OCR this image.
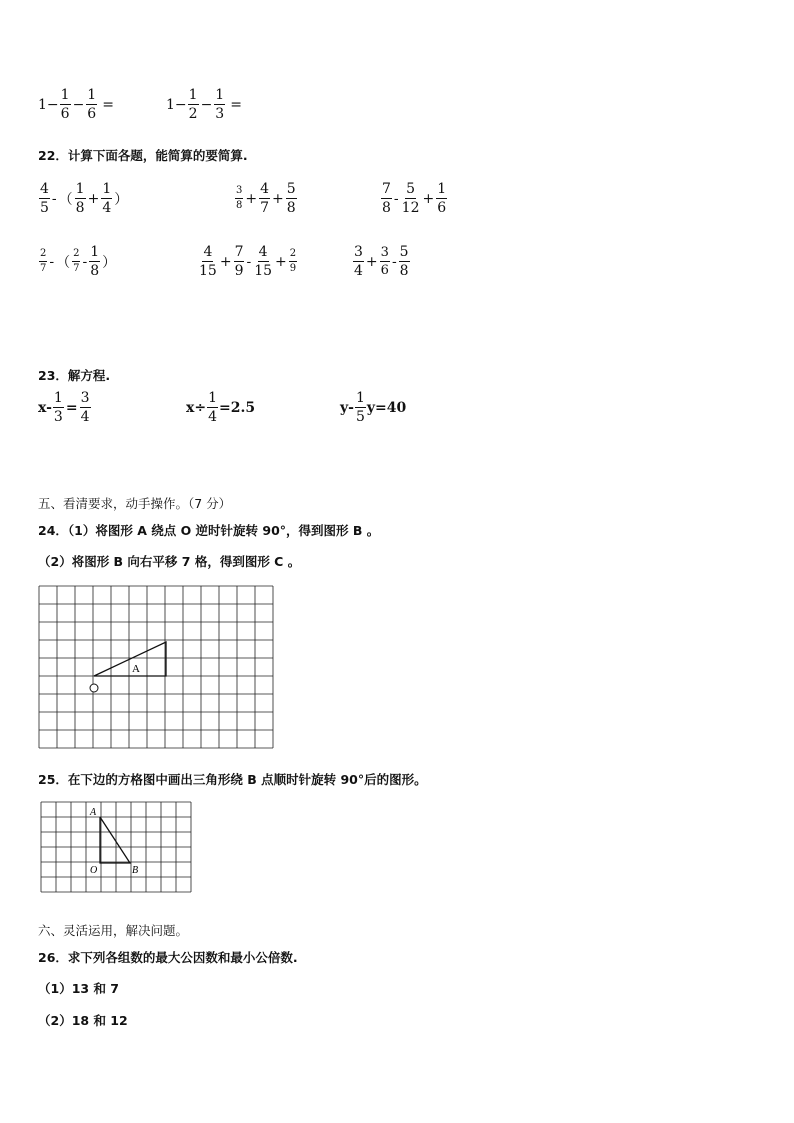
$1- \frac{1}{6} - \frac{1}{6}$ =	$1- \frac{1}{2} - \frac{1}{3}$ =
22．计算下面各题，能简算的要简算.
$\frac{4}{5}$ - （ $\frac{1}{8} + \frac{1}{4}$ ）	$\frac{3}{8} + \frac{4}{7} + \frac{5}{8}$	$\frac{7}{8} - \frac{5}{12} + \frac{1}{6}$
$\frac{2}{7}$ - （ $\frac{2}{7} - \frac{1}{8}$ ）	$\frac{4}{15} + \frac{7}{9} - \frac{4}{15} + \frac{2}{9}$	$\frac{3}{4} + \frac{3}{6} - \frac{5}{8}$
23．解方程.
$x- \frac{1}{3} = \frac{3}{4}$	$x\div \frac{1}{4} =2.5$	$y- \frac{1}{5} y=40$
五、看清要求，动手操作。（7 分）
24．（1）将图形 A 绕点 O 逆时针旋转 90°，得到图形 B 。
（2）将图形 B 向右平移 7 格，得到图形 C 。
A
25．在下边的方格图中画出三角形绕 B 点顺时针旋转 90°后的图形。
A
O	B
六、灵活运用，解决问题。
26．求下列各组数的最大公因数和最小公倍数.
（1）13 和 7
（2）18 和 12
